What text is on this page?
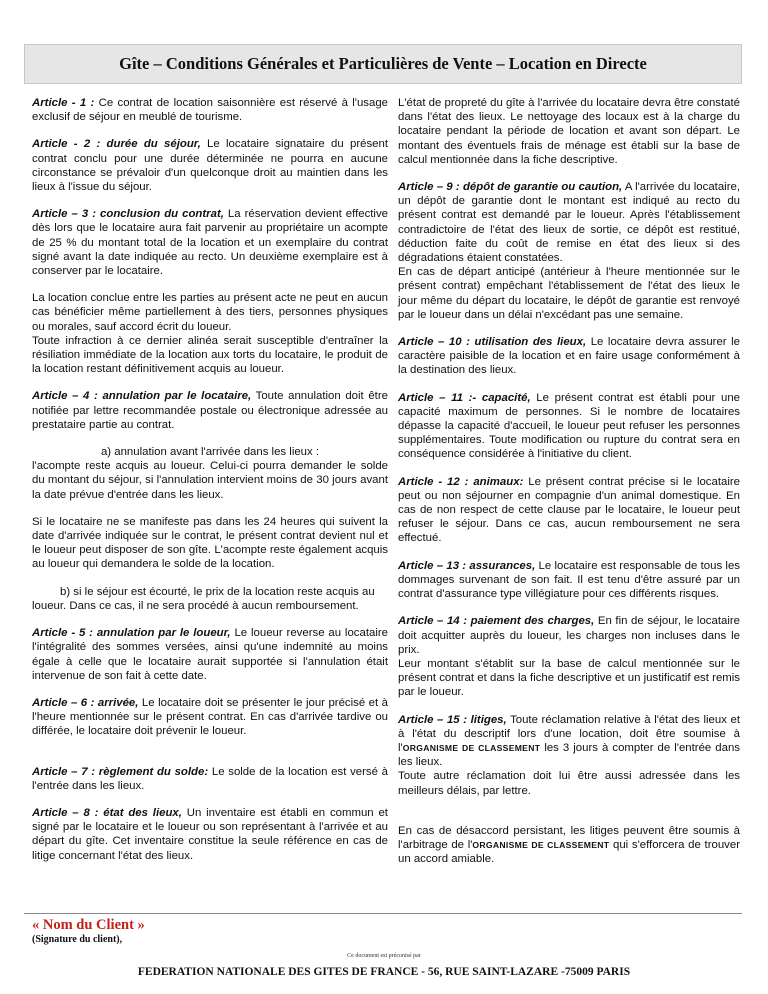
Gîte – Conditions Générales et Particulières de Vente – Location en Directe

Article - 1 : Ce contrat de location saisonnière est réservé à l'usage exclusif de séjour en meublé de tourisme.

Article - 2 : durée du séjour, Le locataire signataire du présent contrat conclu pour une durée déterminée ne pourra en aucune circonstance se prévaloir d'un quelconque droit au maintien dans les lieux à l'issue du séjour.

Article – 3 : conclusion du contrat, La réservation devient effective dès lors que le locataire aura fait parvenir au propriétaire un acompte de 25 % du montant total de la location et un exemplaire du contrat signé avant la date indiquée au recto. Un deuxième exemplaire est à conserver par le locataire.

La location conclue entre les parties au présent acte ne peut en aucun cas bénéficier même partiellement à des tiers, personnes physiques ou morales, sauf accord écrit du loueur.

Toute infraction à ce dernier alinéa serait susceptible d'entraîner la résiliation immédiate de la location aux torts du locataire, le produit de la location restant définitivement acquis au loueur.

Article – 4 : annulation par le locataire, Toute annulation doit être notifiée par lettre recommandée postale ou électronique adressée au prestataire partie au contrat.

a) annulation avant l'arrivée dans les lieux :

l'acompte reste acquis au loueur. Celui-ci pourra demander le solde du montant du séjour, si l'annulation intervient moins de 30 jours avant la date prévue d'entrée dans les lieux.

Si le locataire ne se manifeste pas dans les 24 heures qui suivent la date d'arrivée indiquée sur le contrat, le présent contrat devient nul et le loueur peut disposer de son gîte. L'acompte reste également acquis au loueur qui demandera le solde de la location.

b) si le séjour est écourté, le prix de la location reste acquis au loueur. Dans ce cas, il ne sera procédé à aucun remboursement.

Article - 5 : annulation par le loueur, Le loueur reverse au locataire l'intégralité des sommes versées, ainsi qu'une indemnité au moins égale à celle que le locataire aurait supportée si l'annulation était intervenue de son fait à cette date.

Article – 6 : arrivée, Le locataire doit se présenter le jour précisé et à l'heure mentionnée sur le présent contrat. En cas d'arrivée tardive ou différée, le locataire doit prévenir le loueur.

Article – 7 : règlement du solde: Le solde de la location est versé à l'entrée dans les lieux.

Article – 8 : état des lieux, Un inventaire est établi en commun et signé par le locataire et le loueur ou son représentant à l'arrivée et au départ du gîte. Cet inventaire constitue la seule référence en cas de litige concernant l'état des lieux.

L'état de propreté du gîte à l'arrivée du locataire devra être constaté dans l'état des lieux. Le nettoyage des locaux est à la charge du locataire pendant la période de location et avant son départ. Le montant des éventuels frais de ménage est établi sur la base de calcul mentionnée dans la fiche descriptive.

Article – 9 : dépôt de garantie ou caution, A l'arrivée du locataire, un dépôt de garantie dont le montant est indiqué au recto du présent contrat est demandé par le loueur. Après l'établissement contradictoire de l'état des lieux de sortie, ce dépôt est restitué, déduction faite du coût de remise en état des lieux si des dégradations étaient constatées.

En cas de départ anticipé (antérieur à l'heure mentionnée sur le présent contrat) empêchant l'établissement de l'état des lieux le jour même du départ du locataire, le dépôt de garantie est renvoyé par le loueur dans un délai n'excédant pas une semaine.

Article – 10 : utilisation des lieux, Le locataire devra assurer le caractère paisible de la location et en faire usage conformément à la destination des lieux.

Article – 11 :- capacité, Le présent contrat est établi pour une capacité maximum de personnes. Si le nombre de locataires dépasse la capacité d'accueil, le loueur peut refuser les personnes supplémentaires. Toute modification ou rupture du contrat sera en conséquence considérée à l'initiative du client.

Article - 12 : animaux: Le présent contrat précise si le locataire peut ou non séjourner en compagnie d'un animal domestique. En cas de non respect de cette clause par le locataire, le loueur peut refuser le séjour. Dans ce cas, aucun remboursement ne sera effectué.

Article – 13 : assurances, Le locataire est responsable de tous les dommages survenant de son fait. Il est tenu d'être assuré par un contrat d'assurance type villégiature pour ces différents risques.

Article – 14 : paiement des charges, En fin de séjour, le locataire doit acquitter auprès du loueur, les charges non incluses dans le prix.

Leur montant s'établit sur la base de calcul mentionnée sur le présent contrat et dans la fiche descriptive et un justificatif est remis par le loueur.

Article – 15 : litiges, Toute réclamation relative à l'état des lieux et à l'état du descriptif lors d'une location, doit être soumise à l'ORGANISME DE CLASSEMENT les 3 jours à compter de l'entrée dans les lieux.

Toute autre réclamation doit lui être aussi adressée dans les meilleurs délais, par lettre.

En cas de désaccord persistant, les litiges peuvent être soumis à l'arbitrage de l'ORGANISME DE CLASSEMENT qui s'efforcera de trouver un accord amiable.

« Nom du Client »
(Signature du client),
Ce document est préconisé par
FEDERATION NATIONALE DES GITES DE FRANCE - 56, RUE SAINT-LAZARE -75009 PARIS
